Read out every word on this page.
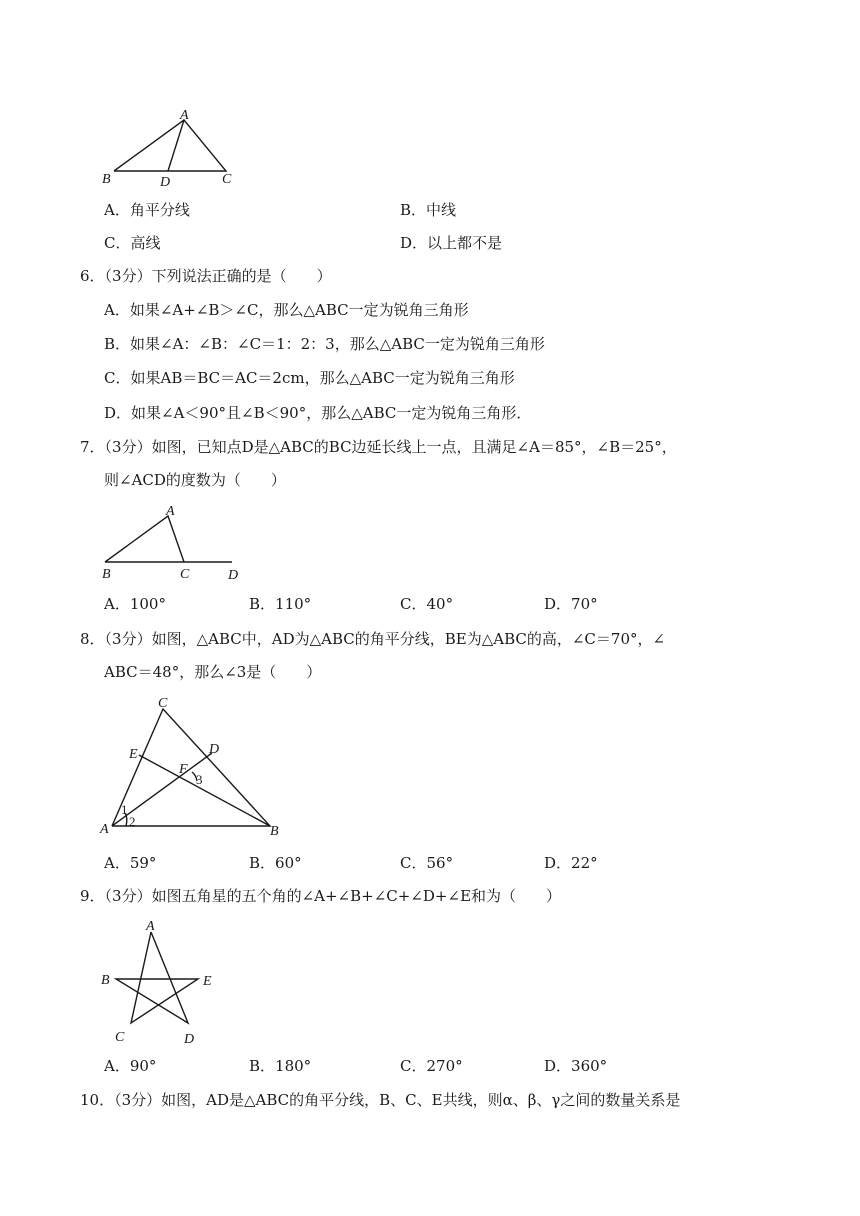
A
B	D	C
A．角平分线	B．中线
C．高线	D．以上都不是
6．（3分）下列说法正确的是（　　）
A．如果∠A+∠B＞∠C，那么△ABC一定为锐角三角形
B．如果∠A：∠B：∠C＝1：2：3，那么△ABC一定为锐角三角形
C．如果AB＝BC＝AC＝2cm，那么△ABC一定为锐角三角形
D．如果∠A＜90°且∠B＜90°，那么△ABC一定为锐角三角形．
7．（3分）如图，已知点D是△ABC的BC边延长线上一点，且满足∠A＝85°，∠B＝25°，
则∠ACD的度数为（　　）
A
B	C	D
A．100°	B．110°	C．40°	D．70°
8．（3分）如图，△ABC中，AD为△ABC的角平分线，BE为△ABC的高，∠C＝70°，∠
ABC＝48°，那么∠3是（　　）
C
E	D
F
3
1
2
A	B
A．59°	B．60°	C．56°	D．22°
9．（3分）如图五角星的五个角的∠A+∠B+∠C+∠D+∠E和为（　　）
A
B	E
C	D
A．90°	B．180°	C．270°	D．360°
10．（3分）如图，AD是△ABC的角平分线，B、C、E共线，则α、β、γ之间的数量关系是
